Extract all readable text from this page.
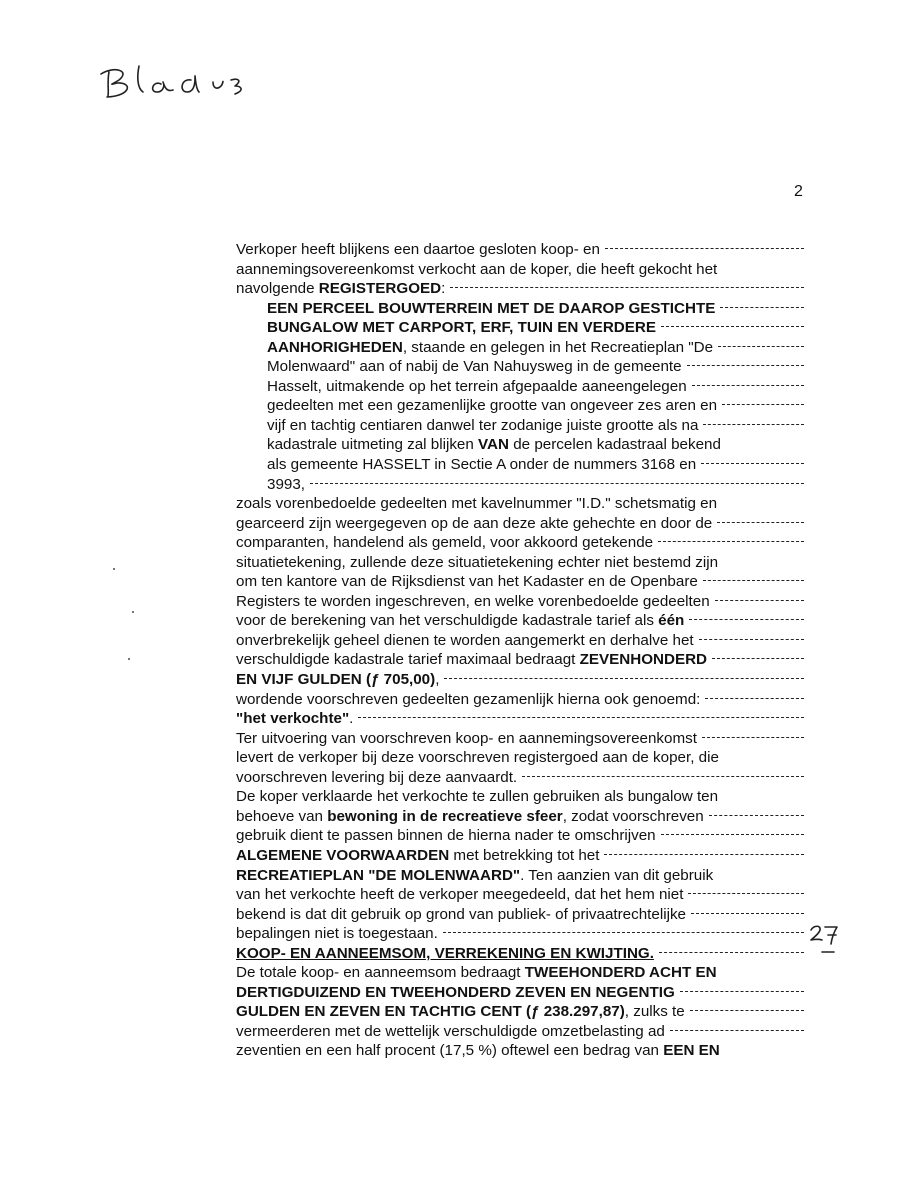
2
Verkoper heeft blijkens een daartoe gesloten koop- en
aannemingsovereenkomst verkocht aan de koper, die heeft gekocht het
navolgende REGISTERGOED:
EEN PERCEEL BOUWTERREIN MET DE DAAROP GESTICHTE
BUNGALOW MET CARPORT, ERF, TUIN EN VERDERE
AANHORIGHEDEN, staande en gelegen in het Recreatieplan "De
Molenwaard" aan of nabij de Van Nahuysweg in de gemeente
Hasselt, uitmakende op het terrein afgepaalde aaneengelegen
gedeelten met een gezamenlijke grootte van ongeveer zes aren en
vijf en tachtig centiaren danwel ter zodanige juiste grootte als na
kadastrale uitmeting zal blijken VAN de percelen kadastraal bekend
als gemeente HASSELT in Sectie A onder de nummers 3168 en
3993,
zoals vorenbedoelde gedeelten met kavelnummer "I.D." schetsmatig en
gearceerd zijn weergegeven op de aan deze akte gehechte en door de
comparanten, handelend als gemeld, voor akkoord getekende
situatietekening, zullende deze situatietekening echter niet bestemd zijn
om ten kantore van de Rijksdienst van het Kadaster en de Openbare
Registers te worden ingeschreven, en welke vorenbedoelde gedeelten
voor de berekening van het verschuldigde kadastrale tarief als één
onverbrekelijk geheel dienen te worden aangemerkt en derhalve het
verschuldigde kadastrale tarief maximaal bedraagt ZEVENHONDERD
EN VIJF GULDEN (ƒ 705,00),
wordende voorschreven gedeelten gezamenlijk hierna ook genoemd:
"het verkochte".
Ter uitvoering van voorschreven koop- en aannemingsovereenkomst
levert de verkoper bij deze voorschreven registergoed aan de koper, die
voorschreven levering bij deze aanvaardt.
De koper verklaarde het verkochte te zullen gebruiken als bungalow ten
behoeve van bewoning in de recreatieve sfeer, zodat voorschreven
gebruik dient te passen binnen de hierna nader te omschrijven
ALGEMENE VOORWAARDEN met betrekking tot het
RECREATIEPLAN "DE MOLENWAARD". Ten aanzien van dit gebruik
van het verkochte heeft de verkoper meegedeeld, dat het hem niet
bekend is dat dit gebruik op grond van publiek- of privaatrechtelijke
bepalingen niet is toegestaan.
KOOP- EN AANNEEMSOM, VERREKENING EN KWIJTING.
De totale koop- en aanneemsom bedraagt TWEEHONDERD ACHT EN
DERTIGDUIZEND EN TWEEHONDERD ZEVEN EN NEGENTIG
GULDEN EN ZEVEN EN TACHTIG CENT (ƒ 238.297,87), zulks te
vermeerderen met de wettelijk verschuldigde omzetbelasting ad
zeventien en een half procent (17,5 %) oftewel een bedrag van EEN EN
